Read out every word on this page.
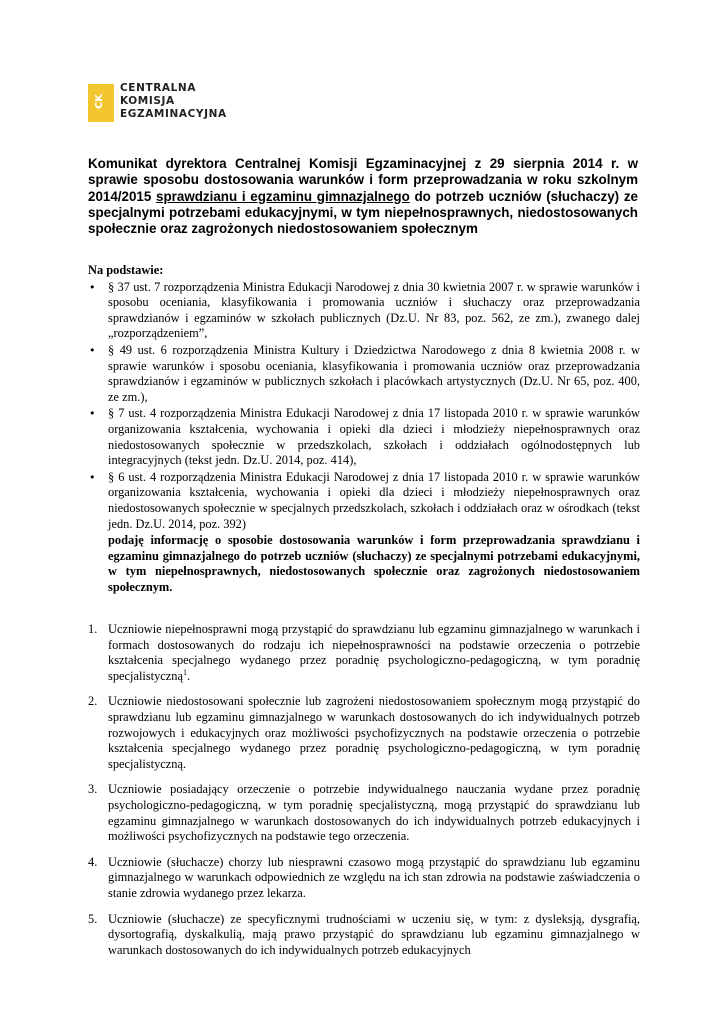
CK
CENTRALNA
KOMISJA
EGZAMINACYJNA
Komunikat dyrektora Centralnej Komisji Egzaminacyjnej z 29 sierpnia 2014 r. w sprawie sposobu dostosowania warunków i form przeprowadzania w roku szkolnym 2014/2015 sprawdzianu i egzaminu gimnazjalnego do potrzeb uczniów (słuchaczy) ze specjalnymi potrzebami edukacyjnymi, w tym niepełnosprawnych, niedostosowanych społecznie oraz zagrożonych niedostosowaniem społecznym
Na podstawie:
• § 37 ust. 7 rozporządzenia Ministra Edukacji Narodowej z dnia 30 kwietnia 2007 r. w sprawie warunków i sposobu oceniania, klasyfikowania i promowania uczniów i słuchaczy oraz przeprowadzania sprawdzianów i egzaminów w szkołach publicznych (Dz.U. Nr 83, poz. 562, ze zm.), zwanego dalej „rozporządzeniem”,
• § 49 ust. 6 rozporządzenia Ministra Kultury i Dziedzictwa Narodowego z dnia 8 kwietnia 2008 r. w sprawie warunków i sposobu oceniania, klasyfikowania i promowania uczniów oraz przeprowadzania sprawdzianów i egzaminów w publicznych szkołach i placówkach artystycznych (Dz.U. Nr 65, poz. 400, ze zm.),
• § 7 ust. 4 rozporządzenia Ministra Edukacji Narodowej z dnia 17 listopada 2010 r. w sprawie warunków organizowania kształcenia, wychowania i opieki dla dzieci i młodzieży niepełnosprawnych oraz niedostosowanych społecznie w przedszkolach, szkołach i oddziałach ogólnodostępnych lub integracyjnych (tekst jedn. Dz.U. 2014, poz. 414),
• § 6 ust. 4 rozporządzenia Ministra Edukacji Narodowej z dnia 17 listopada 2010 r. w sprawie warunków organizowania kształcenia, wychowania i opieki dla dzieci i młodzieży niepełnosprawnych oraz niedostosowanych społecznie w specjalnych przedszkolach, szkołach i oddziałach oraz w ośrodkach (tekst jedn. Dz.U. 2014, poz. 392)
podaję informację o sposobie dostosowania warunków i form przeprowadzania sprawdzianu i egzaminu gimnazjalnego do potrzeb uczniów (słuchaczy) ze specjalnymi potrzebami edukacyjnymi, w tym niepełnosprawnych, niedostosowanych społecznie oraz zagrożonych niedostosowaniem społecznym.
1. Uczniowie niepełnosprawni mogą przystąpić do sprawdzianu lub egzaminu gimnazjalnego w warunkach i formach dostosowanych do rodzaju ich niepełnosprawności na podstawie orzeczenia o potrzebie kształcenia specjalnego wydanego przez poradnię psychologiczno-pedagogiczną, w tym poradnię specjalistyczną$^1$.
2. Uczniowie niedostosowani społecznie lub zagrożeni niedostosowaniem społecznym mogą przystąpić do sprawdzianu lub egzaminu gimnazjalnego w warunkach dostosowanych do ich indywidualnych potrzeb rozwojowych i edukacyjnych oraz możliwości psychofizycznych na podstawie orzeczenia o potrzebie kształcenia specjalnego wydanego przez poradnię psychologiczno-pedagogiczną, w tym poradnię specjalistyczną.
3. Uczniowie posiadający orzeczenie o potrzebie indywidualnego nauczania wydane przez poradnię psychologiczno-pedagogiczną, w tym poradnię specjalistyczną, mogą przystąpić do sprawdzianu lub egzaminu gimnazjalnego w warunkach dostosowanych do ich indywidualnych potrzeb edukacyjnych i możliwości psychofizycznych na podstawie tego orzeczenia.
4. Uczniowie (słuchacze) chorzy lub niesprawni czasowo mogą przystąpić do sprawdzianu lub egzaminu gimnazjalnego w warunkach odpowiednich ze względu na ich stan zdrowia na podstawie zaświadczenia o stanie zdrowia wydanego przez lekarza.
5. Uczniowie (słuchacze) ze specyficznymi trudnościami w uczeniu się, w tym: z dysleksją, dysgrafią, dysortografią, dyskalkulią, mają prawo przystąpić do sprawdzianu lub egzaminu gimnazjalnego w warunkach dostosowanych do ich indywidualnych potrzeb edukacyjnych
